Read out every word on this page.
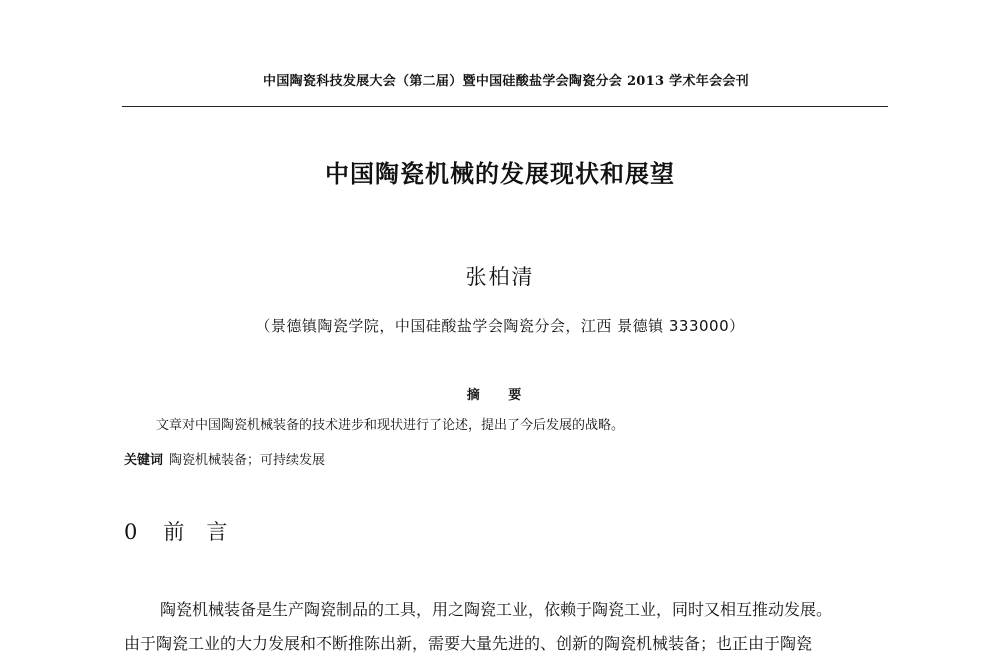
中国陶瓷科技发展大会（第二届）暨中国硅酸盐学会陶瓷分会 2013 学术年会会刊
中国陶瓷机械的发展现状和展望
张柏清
（景德镇陶瓷学院，中国硅酸盐学会陶瓷分会，江西 景德镇 333000）
摘 要
文章对中国陶瓷机械装备的技术进步和现状进行了论述，提出了今后发展的战略。
关键词 陶瓷机械装备；可持续发展
0 前言
陶瓷机械装备是生产陶瓷制品的工具，用之陶瓷工业，依赖于陶瓷工业，同时又相互推动发展。
由于陶瓷工业的大力发展和不断推陈出新，需要大量先进的、创新的陶瓷机械装备；也正由于陶瓷
